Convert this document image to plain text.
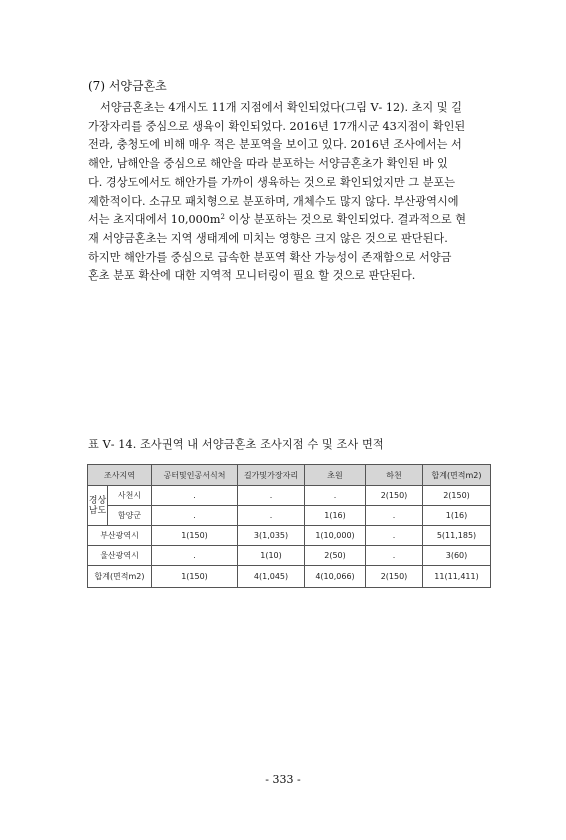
(7) 서양금혼초
서양금혼초는 4개시도 11개 지점에서 확인되었다(그림 Ⅴ- 12). 초지 및 길
가장자리를 중심으로 생육이 확인되었다. 2016년 17개시군 43지점이 확인된
전라, 충청도에 비해 매우 적은 분포역을 보이고 있다. 2016년 조사에서는 서
해안, 남해안을 중심으로 해안을 따라 분포하는 서양금혼초가 확인된 바 있
다. 경상도에서도 해안가를 가까이 생육하는 것으로 확인되었지만 그 분포는
제한적이다. 소규모 패치형으로 분포하며, 개체수도 많지 않다. 부산광역시에
서는 초지대에서 $10,000m^2$ 이상 분포하는 것으로 확인되었다. 결과적으로 현
재 서양금혼초는 지역 생태계에 미치는 영향은 크지 않은 것으로 판단된다.
하지만 해안가를 중심으로 급속한 분포역 확산 가능성이 존재함으로 서양금
혼초 분포 확산에 대한 지역적 모니터링이 필요 할 것으로 판단된다.

표 Ⅴ- 14. 조사권역 내 서양금혼초 조사지점 수 및 조사 면적

조사지역		공터및인공서식처	길가및가장자리	초원	하천	합계(면적m2)
경상남도	사천시	.	.	.	2(150)	2(150)
	함양군	.	.	1(16)	.	1(16)
부산광역시		1(150)	3(1,035)	1(10,000)	.	5(11,185)
울산광역시		.	1(10)	2(50)	.	3(60)
합계(면적m2)		1(150)	4(1,045)	4(10,066)	2(150)	11(11,411)

- 333 -
